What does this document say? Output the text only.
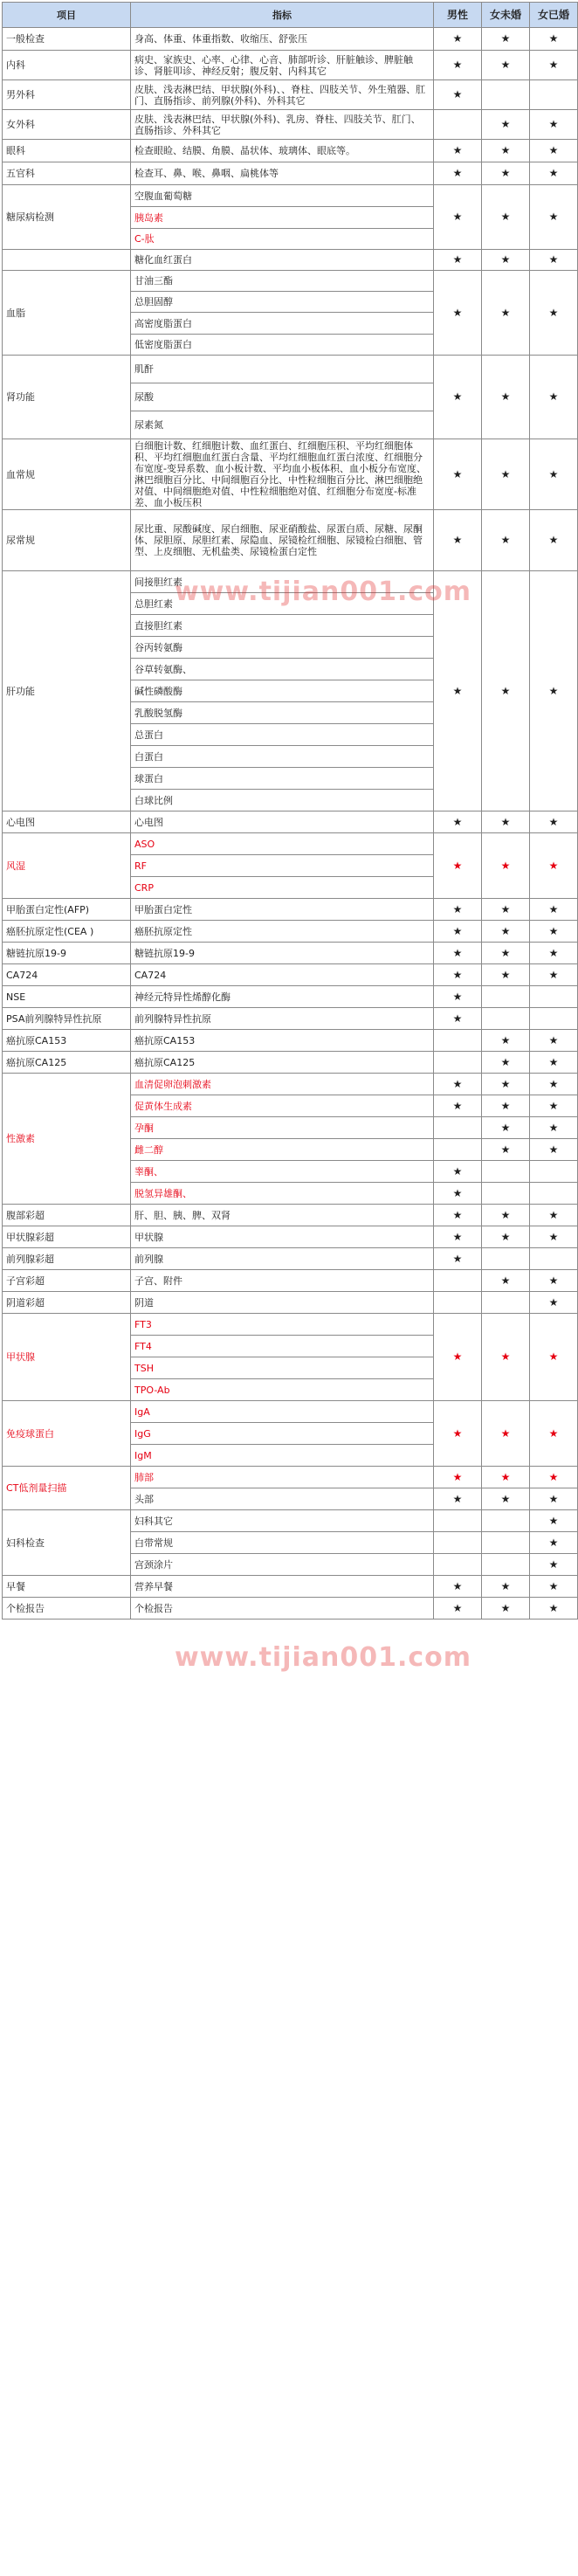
项目	指标	男性	女未婚	女已婚
一般检查	身高、体重、体重指数、收缩压、舒张压	★	★	★
内科	病史、家族史、心率、心律、心音、肺部听诊、肝脏触诊、脾脏触诊、肾脏叩诊、神经反射；腹反射、内科其它	★	★	★
男外科	皮肤、浅表淋巴结、甲状腺(外科)、、脊柱、四肢关节、外生殖器、肛门、直肠指诊、前列腺(外科)、外科其它	★		
女外科	皮肤、浅表淋巴结、甲状腺(外科)、乳房、脊柱、四肢关节、肛门、直肠指诊、外科其它		★	★
眼科	检查眼睑、结膜、角膜、晶状体、玻璃体、眼底等。	★	★	★
五官科	检查耳、鼻、喉、鼻咽、扁桃体等	★	★	★
糖尿病检测	空腹血葡萄糖	★	★	★
	胰岛素			
	C-肽			
	糖化血红蛋白	★	★	★
血脂	甘油三酯	★	★	★
	总胆固醇			
	高密度脂蛋白			
	低密度脂蛋白			
肾功能	肌酐	★	★	★
	尿酸			
	尿素氮			
血常规	白细胞计数、红细胞计数、血红蛋白、红细胞压积、平均红细胞体积、平均红细胞血红蛋白含量、平均红细胞血红蛋白浓度、红细胞分布宽度-变异系数、血小板计数、平均血小板体积、血小板分布宽度、淋巴细胞百分比、中间细胞百分比、中性粒细胞百分比、淋巴细胞绝对值、中间细胞绝对值、中性粒细胞绝对值、红细胞分布宽度-标准差、血小板压积	★	★	★
尿常规	尿比重、尿酸碱度、尿白细胞、尿亚硝酸盐、尿蛋白质、尿糖、尿酮体、尿胆原、尿胆红素、尿隐血、尿镜检红细胞、尿镜检白细胞、管型、上皮细胞、无机盐类、尿镜检蛋白定性	★	★	★
肝功能	间接胆红素	★	★	★
	总胆红素			
	直接胆红素			
	谷丙转氨酶			
	谷草转氨酶、			
	碱性磷酸酶			
	乳酸脱氢酶			
	总蛋白			
	白蛋白			
	球蛋白			
	白球比例			
心电图	心电图	★	★	★
风湿	ASO	★	★	★
	RF			
	CRP			
甲胎蛋白定性(AFP)	甲胎蛋白定性	★	★	★
癌胚抗原定性(CEA )	癌胚抗原定性	★	★	★
糖链抗原19-9	糖链抗原19-9	★	★	★
CA724	CA724	★	★	★
NSE	神经元特异性烯醇化酶	★		
PSA前列腺特异性抗原	前列腺特异性抗原	★		
癌抗原CA153	癌抗原CA153		★	★
癌抗原CA125	癌抗原CA125		★	★
性激素	血清促卵泡刺激素	★	★	★
	促黄体生成素	★	★	★
	孕酮		★	★
	雌二醇		★	★
	睾酮、	★		
	脱氢异雄酮、	★		
腹部彩超	肝、胆、胰、脾、双肾	★	★	★
甲状腺彩超	甲状腺	★	★	★
前列腺彩超	前列腺	★		
子宫彩超	子宫、附件		★	★
阴道彩超	阴道			★
甲状腺	FT3	★	★	★
	FT4			
	TSH			
	TPO-Ab			
免疫球蛋白	IgA	★	★	★
	IgG			
	IgM			
CT低剂量扫描	肺部	★	★	★
	头部	★	★	★
妇科检查	妇科其它			★
	白带常规			★
	宫颈涂片			★
早餐	营养早餐	★	★	★
个检报告	个检报告	★	★	★
www.tijian001.com
www.tijian001.com
